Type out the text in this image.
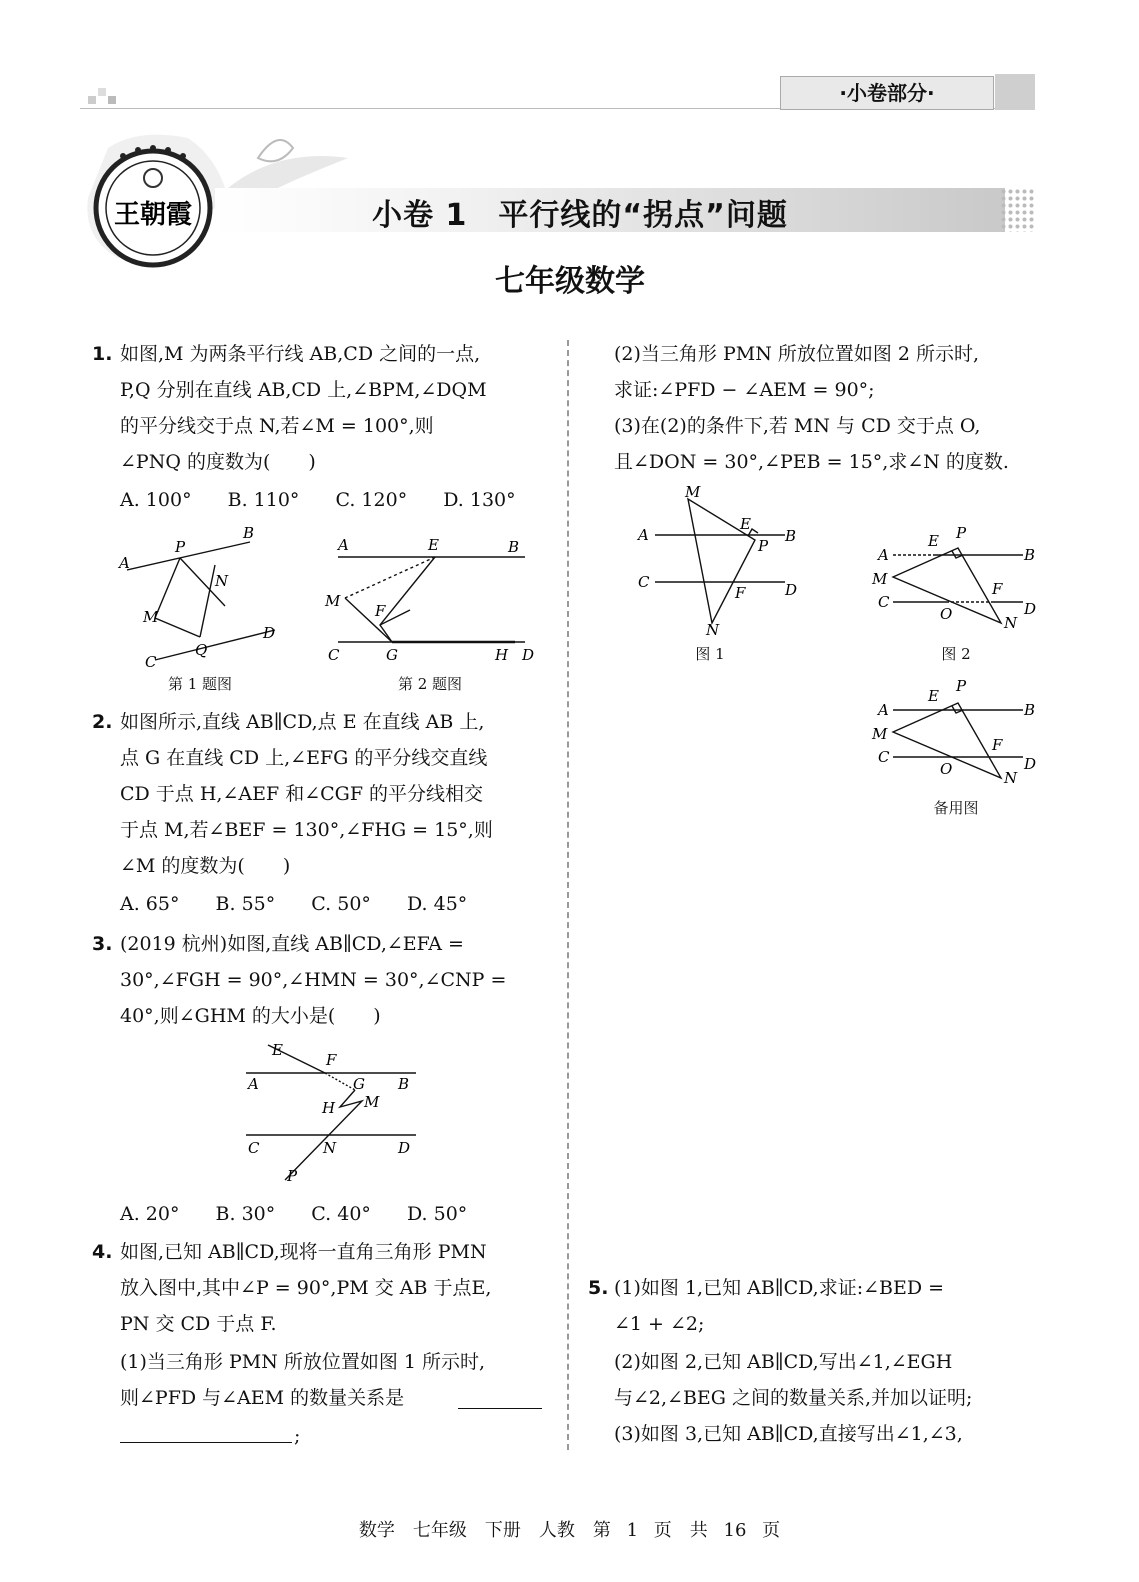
·小卷部分·
王朝霞	小卷 1　平行线的“拐点”问题
七年级数学
1. 如图,M 为两条平行线 AB,CD 之间的一点,
P,Q 分别在直线 AB,CD 上,∠BPM,∠DQM
的平分线交于点 N,若∠M = 100°,则
∠PNQ 的度数为(　　)
A. 100° B. 110° C. 120° D. 130°
A
B
P
N
M
D
C
Q
第 1 题图
A	E	B
M
F
C	G	H D
第 2 题图
2. 如图所示,直线 AB∥CD,点 E 在直线 AB 上,
点 G 在直线 CD 上,∠EFG 的平分线交直线
CD 于点 H,∠AEF 和∠CGF 的平分线相交
于点 M,若∠BEF = 130°,∠FHG = 15°,则
∠M 的度数为(　　)
A. 65° B. 55° C. 50° D. 45°
3. (2019 杭州)如图,直线 AB∥CD,∠EFA =
30°,∠FGH = 90°,∠HMN = 30°,∠CNP =
40°,则∠GHM 的大小是(　　)
E
F
A	G B
H M
C	N	D
P
A. 20° B. 30° C. 40° D. 50°
4. 如图,已知 AB∥CD,现将一直角三角形 PMN
放入图中,其中∠P = 90°,PM 交 AB 于点E,
PN 交 CD 于点 F.
(1)当三角形 PMN 所放位置如图 1 所示时,
则∠PFD 与∠AEM 的数量关系是
;
(2)当三角形 PMN 所放位置如图 2 所示时,
求证:∠PFD − ∠AEM = 90°;
(3)在(2)的条件下,若 MN 与 CD 交于点 O,
且∠DON = 30°,∠PEB = 15°,求∠N 的度数.
M
A
E
P
B
C
F	D
N
图 1
A
E P
B
M
F
C
O	N
D
图 2
A
E
P
B
M
F
C
O	N
D
备用图
5. (1)如图 1,已知 AB∥CD,求证:∠BED =
∠1 + ∠2;
(2)如图 2,已知 AB∥CD,写出∠1,∠EGH
与∠2,∠BEG 之间的数量关系,并加以证明;
(3)如图 3,已知 AB∥CD,直接写出∠1,∠3,
数学　七年级　下册　人教　第 1 页　共 16 页
